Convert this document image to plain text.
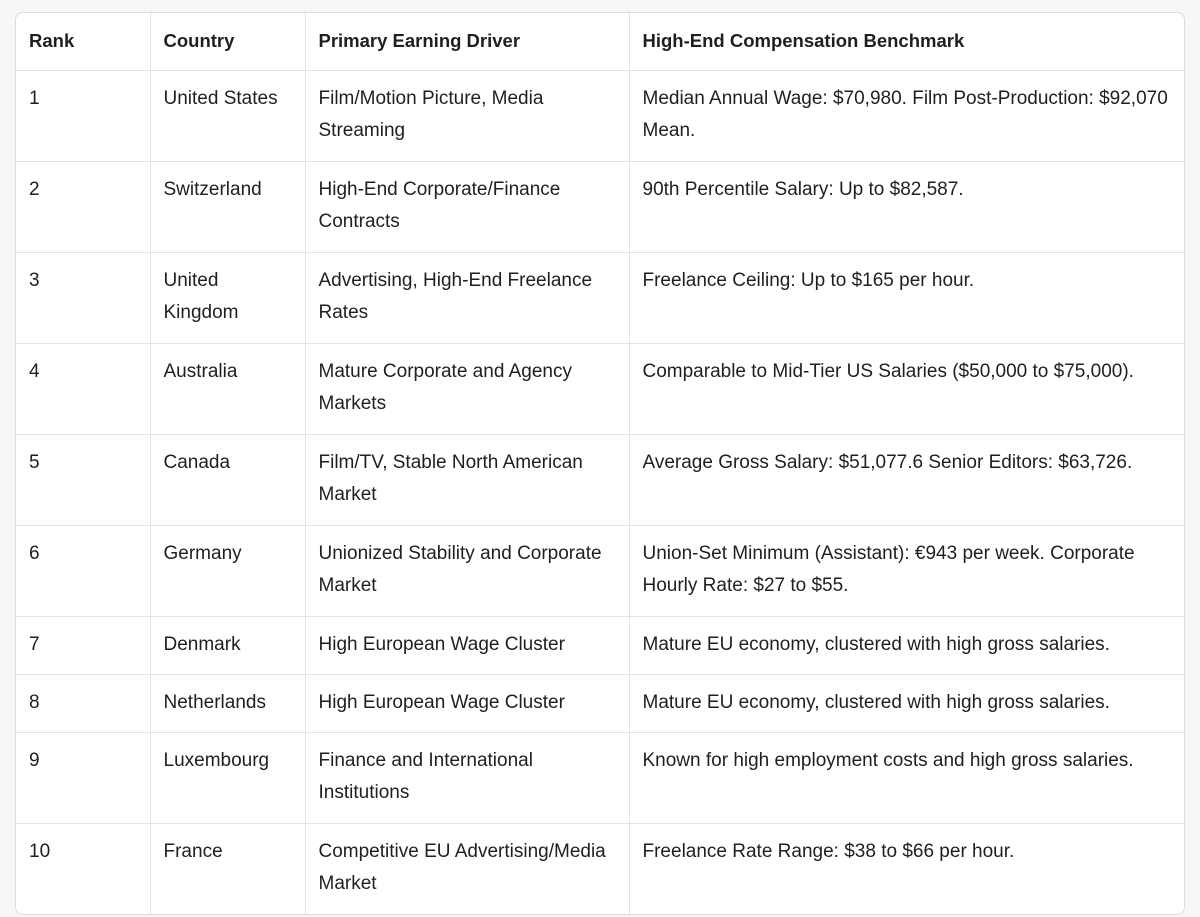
Rank	Country	Primary Earning Driver	High-End Compensation Benchmark
1	United States	Film/Motion Picture, Media Streaming	Median Annual Wage: $70,980. Film Post-Production: $92,070 Mean.
2	Switzerland	High-End Corporate/Finance Contracts	90th Percentile Salary: Up to $82,587.
3	United Kingdom	Advertising, High-End Freelance Rates	Freelance Ceiling: Up to $165 per hour.
4	Australia	Mature Corporate and Agency Markets	Comparable to Mid-Tier US Salaries ($50,000 to $75,000).
5	Canada	Film/TV, Stable North American Market	Average Gross Salary: $51,077.6 Senior Editors: $63,726.
6	Germany	Unionized Stability and Corporate Market	Union-Set Minimum (Assistant): €943 per week. Corporate Hourly Rate: $27 to $55.
7	Denmark	High European Wage Cluster	Mature EU economy, clustered with high gross salaries.
8	Netherlands	High European Wage Cluster	Mature EU economy, clustered with high gross salaries.
9	Luxembourg	Finance and International Institutions	Known for high employment costs and high gross salaries.
10	France	Competitive EU Advertising/Media Market	Freelance Rate Range: $38 to $66 per hour.
